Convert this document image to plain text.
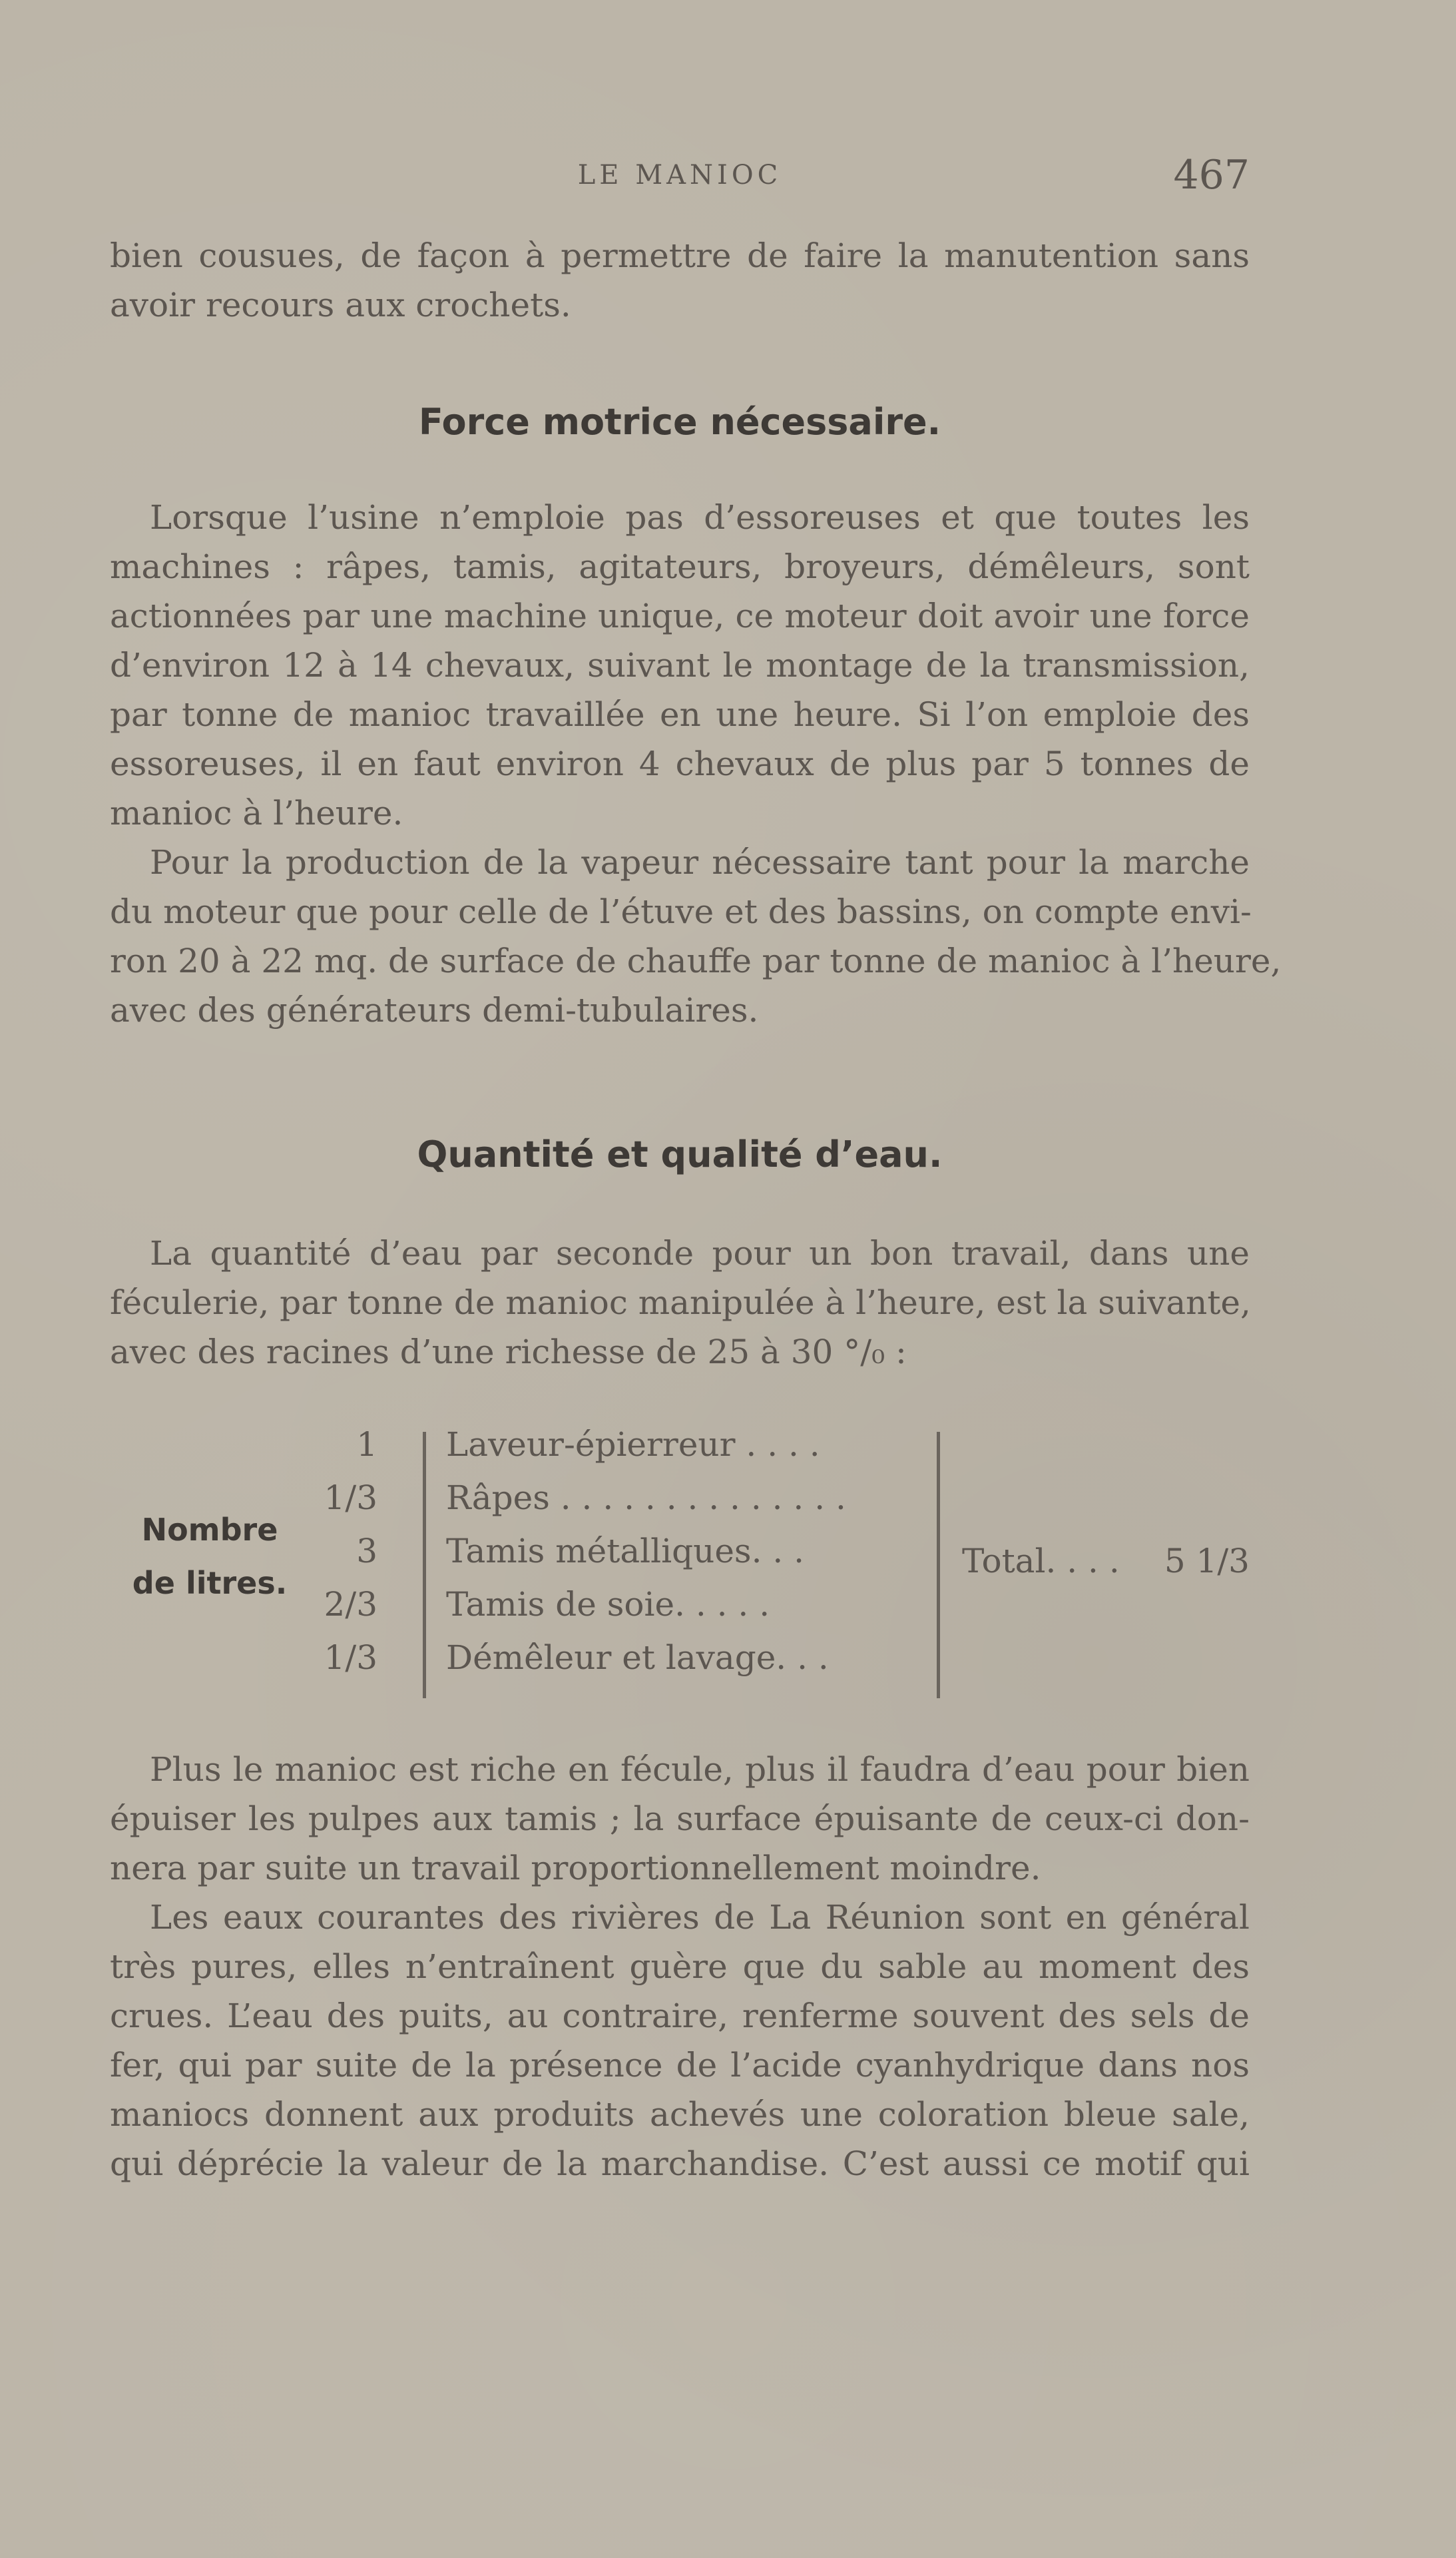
LE MANIOC	467
bien cousues, de façon à permettre de faire la manutention sans
avoir recours aux crochets.
Force motrice nécessaire.
Lorsque l’usine n’emploie pas d’essoreuses et que toutes les
machines : râpes, tamis, agitateurs, broyeurs, démêleurs, sont
actionnées par une machine unique, ce moteur doit avoir une force
d’environ 12 à 14 chevaux, suivant le montage de la transmission,
par tonne de manioc travaillée en une heure. Si l’on emploie des
essoreuses, il en faut environ 4 chevaux de plus par 5 tonnes de
manioc à l’heure.
Pour la production de la vapeur nécessaire tant pour la marche
du moteur que pour celle de l’étuve et des bassins, on compte envi-
ron 20 à 22 mq. de surface de chauffe par tonne de manioc à l’heure,
avec des générateurs demi-tubulaires.
Quantité et qualité d’eau.
La quantité d’eau par seconde pour un bon travail, dans une
féculerie, par tonne de manioc manipulée à l’heure, est la suivante,
avec des racines d’une richesse de 25 à 30 °/₀ :
Nombre
de litres.
Laveur-épierreur . . . .
1
Râpes . . . . . . . . . . . . . .
1/3
Tamis métalliques. . .
3
Tamis de soie. . . . .
2/3
Démêleur et lavage. . .
1/3
Total. . . . 5 1/3
Plus le manioc est riche en fécule, plus il faudra d’eau pour bien
épuiser les pulpes aux tamis ; la surface épuisante de ceux-ci don-
nera par suite un travail proportionnellement moindre.
Les eaux courantes des rivières de La Réunion sont en général
très pures, elles n’entraînent guère que du sable au moment des
crues. L’eau des puits, au contraire, renferme souvent des sels de
fer, qui par suite de la présence de l’acide cyanhydrique dans nos
maniocs donnent aux produits achevés une coloration bleue sale,
qui déprécie la valeur de la marchandise. C’est aussi ce motif qui
